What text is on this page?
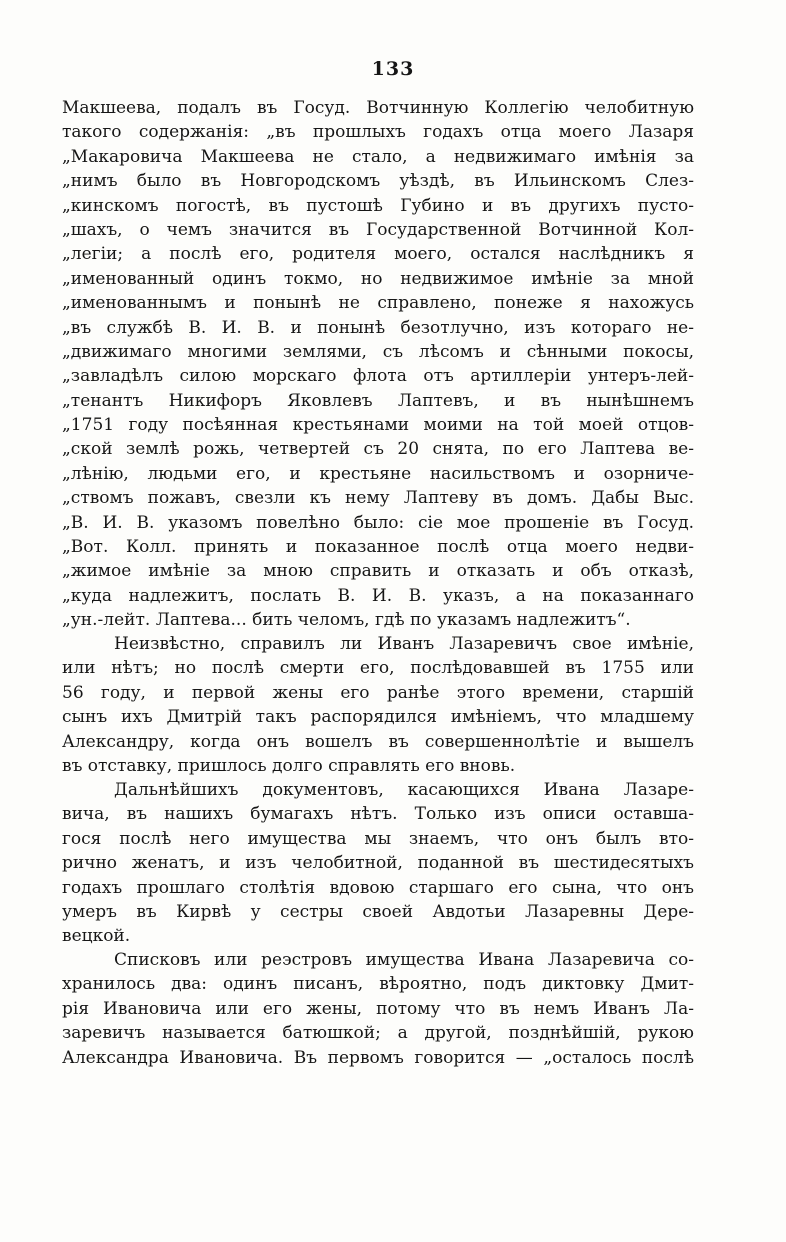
133
Макшеева, подалъ въ Госуд. Вотчинную Коллегію челобитную
такого содержанія: „въ прошлыхъ годахъ отца моего Лазаря
„Макаровича Макшеева не стало, а недвижимаго имѣнія за
„нимъ было въ Новгородскомъ уѣздѣ, въ Ильинскомъ Слез-
„кинскомъ погостѣ, въ пустошѣ Губино и въ другихъ пусто-
„шахъ, о чемъ значится въ Государственной Вотчинной Кол-
„легіи; а послѣ его, родителя моего, остался наслѣдникъ я
„именованный одинъ токмо, но недвижимое имѣніе за мной
„именованнымъ и понынѣ не справлено, понеже я нахожусь
„въ службѣ В. И. В. и понынѣ безотлучно, изъ котораго не-
„движимаго многими землями, съ лѣсомъ и сѣнными покосы,
„завладѣлъ силою морскаго флота отъ артиллеріи унтеръ-лей-
„тенантъ Никифоръ Яковлевъ Лаптевъ, и въ нынѣшнемъ
„1751 году посѣянная крестьянами моими на той моей отцов-
„ской землѣ рожь, четвертей съ 20 снята, по его Лаптева ве-
„лѣнію, людьми его, и крестьяне насильствомъ и озорниче-
„ствомъ пожавъ, свезли къ нему Лаптеву въ домъ. Дабы Выс.
„В. И. В. указомъ повелѣно было: сіе мое прошеніе въ Госуд.
„Вот. Колл. принять и показанное послѣ отца моего недви-
„жимое имѣніе за мною справить и отказать и объ отказѣ,
„куда надлежитъ, послать В. И. В. указъ, а на показаннаго
„ун.-лейт. Лаптева... бить челомъ, гдѣ по указамъ надлежитъ“.
Неизвѣстно, справилъ ли Иванъ Лазаревичъ свое имѣніе,
или нѣтъ; но послѣ смерти его, послѣдовавшей въ 1755 или
56 году, и первой жены его ранѣе этого времени, старшій
сынъ ихъ Дмитрій такъ распорядился имѣніемъ, что младшему
Александру, когда онъ вошелъ въ совершеннолѣтіе и вышелъ
въ отставку, пришлось долго справлять его вновь.
Дальнѣйшихъ документовъ, касающихся Ивана Лазаре-
вича, въ нашихъ бумагахъ нѣтъ. Только изъ описи оставша-
гося послѣ него имущества мы знаемъ, что онъ былъ вто-
рично женатъ, и изъ челобитной, поданной въ шестидесятыхъ
годахъ прошлаго столѣтія вдовою старшаго его сына, что онъ
умеръ въ Кирвѣ у сестры своей Авдотьи Лазаревны Дере-
вецкой.
Списковъ или реэстровъ имущества Ивана Лазаревича со-
хранилось два: одинъ писанъ, вѣроятно, подъ диктовку Дмит-
рія Ивановича или его жены, потому что въ немъ Иванъ Ла-
заревичъ называется батюшкой; а другой, позднѣйшій, рукою
Александра Ивановича. Въ первомъ говорится — „осталось послѣ
